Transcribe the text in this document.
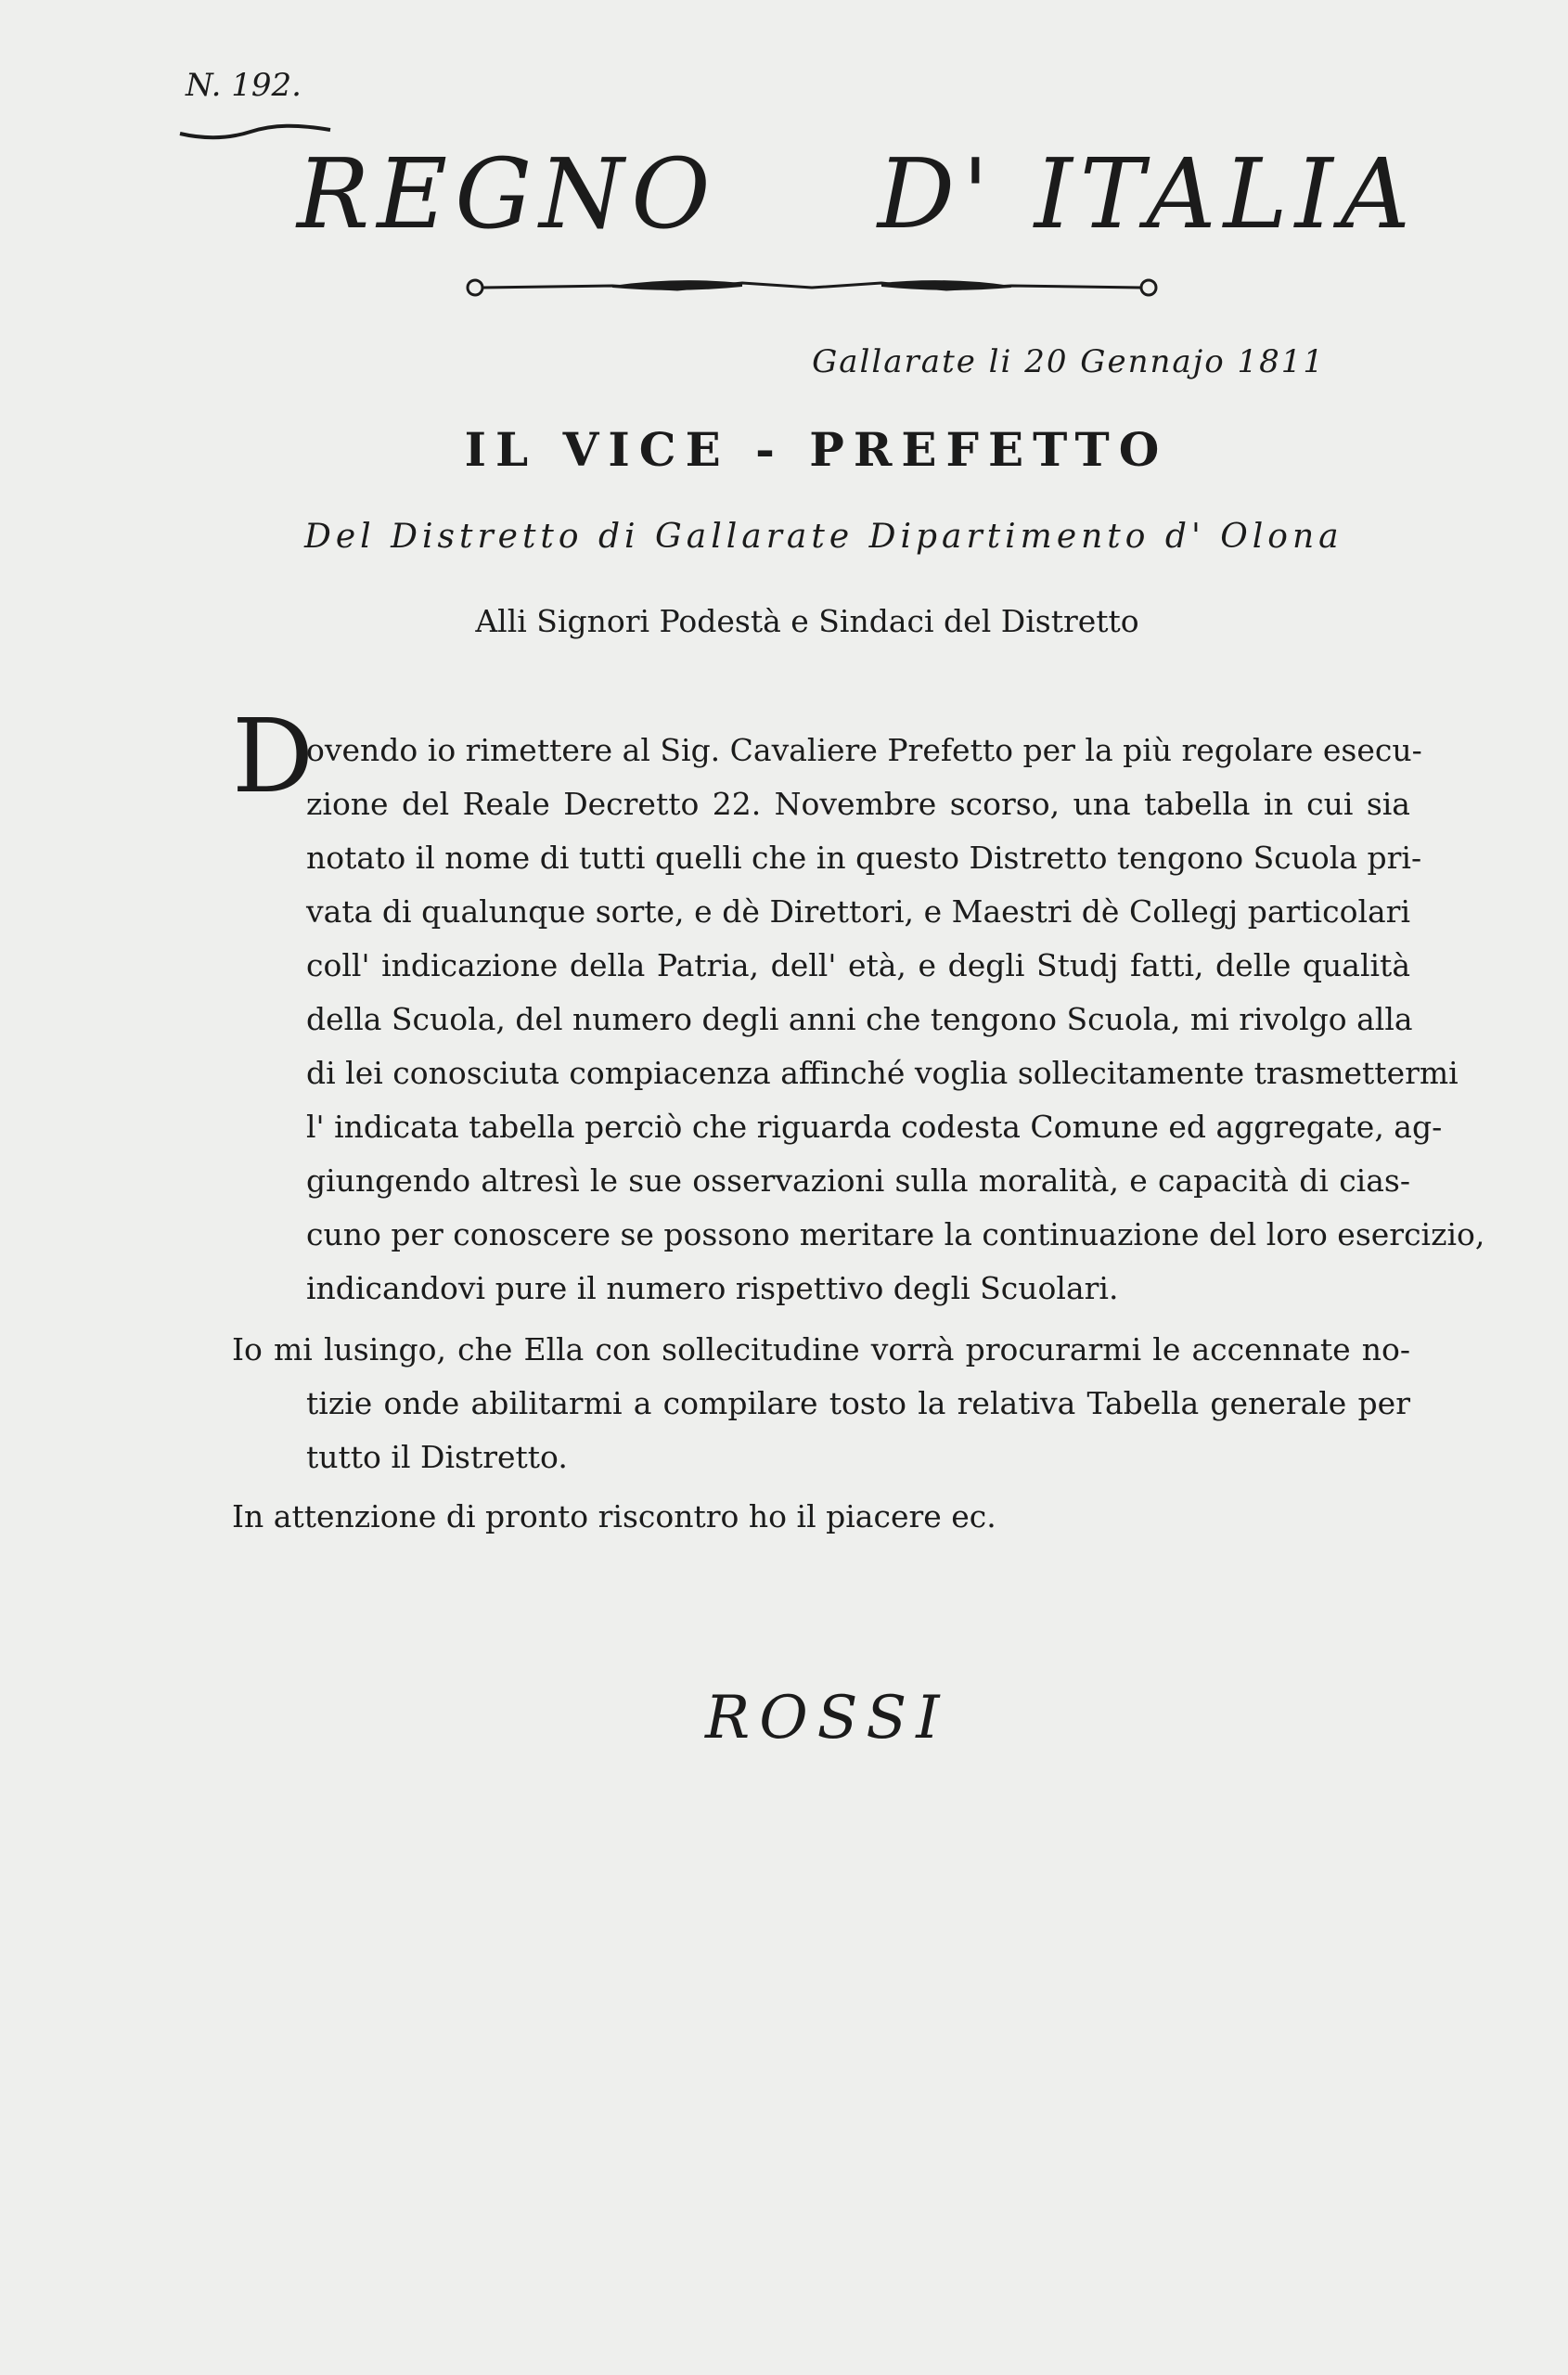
N. 192.
REGNO D' ITALIA
Gallarate li 20 Gennajo 1811
IL VICE - PREFETTO
Del Distretto di Gallarate Dipartimento d' Olona
Alli Signori Podestà e Sindaci del Distretto
D
ovendo io rimettere al Sig. Cavaliere Prefetto per la più regolare esecu-
zione del Reale Decretto 22. Novembre scorso, una tabella in cui sia
notato il nome di tutti quelli che in questo Distretto tengono Scuola pri-
vata di qualunque sorte, e dè Direttori, e Maestri dè Collegj particolari
coll' indicazione della Patria, dell' età, e degli Studj fatti, delle qualità
della Scuola, del numero degli anni che tengono Scuola, mi rivolgo alla
di lei conosciuta compiacenza affinché voglia sollecitamente trasmettermi
l' indicata tabella perciò che riguarda codesta Comune ed aggregate, ag-
giungendo altresì le sue osservazioni sulla moralità, e capacità di cias-
cuno per conoscere se possono meritare la continuazione del loro esercizio,
indicandovi pure il numero rispettivo degli Scuolari.
Io mi lusingo, che Ella con sollecitudine vorrà procurarmi le accennate no-
tizie onde abilitarmi a compilare tosto la relativa Tabella generale per
tutto il Distretto.
In attenzione di pronto riscontro ho il piacere ec.
ROSSI
